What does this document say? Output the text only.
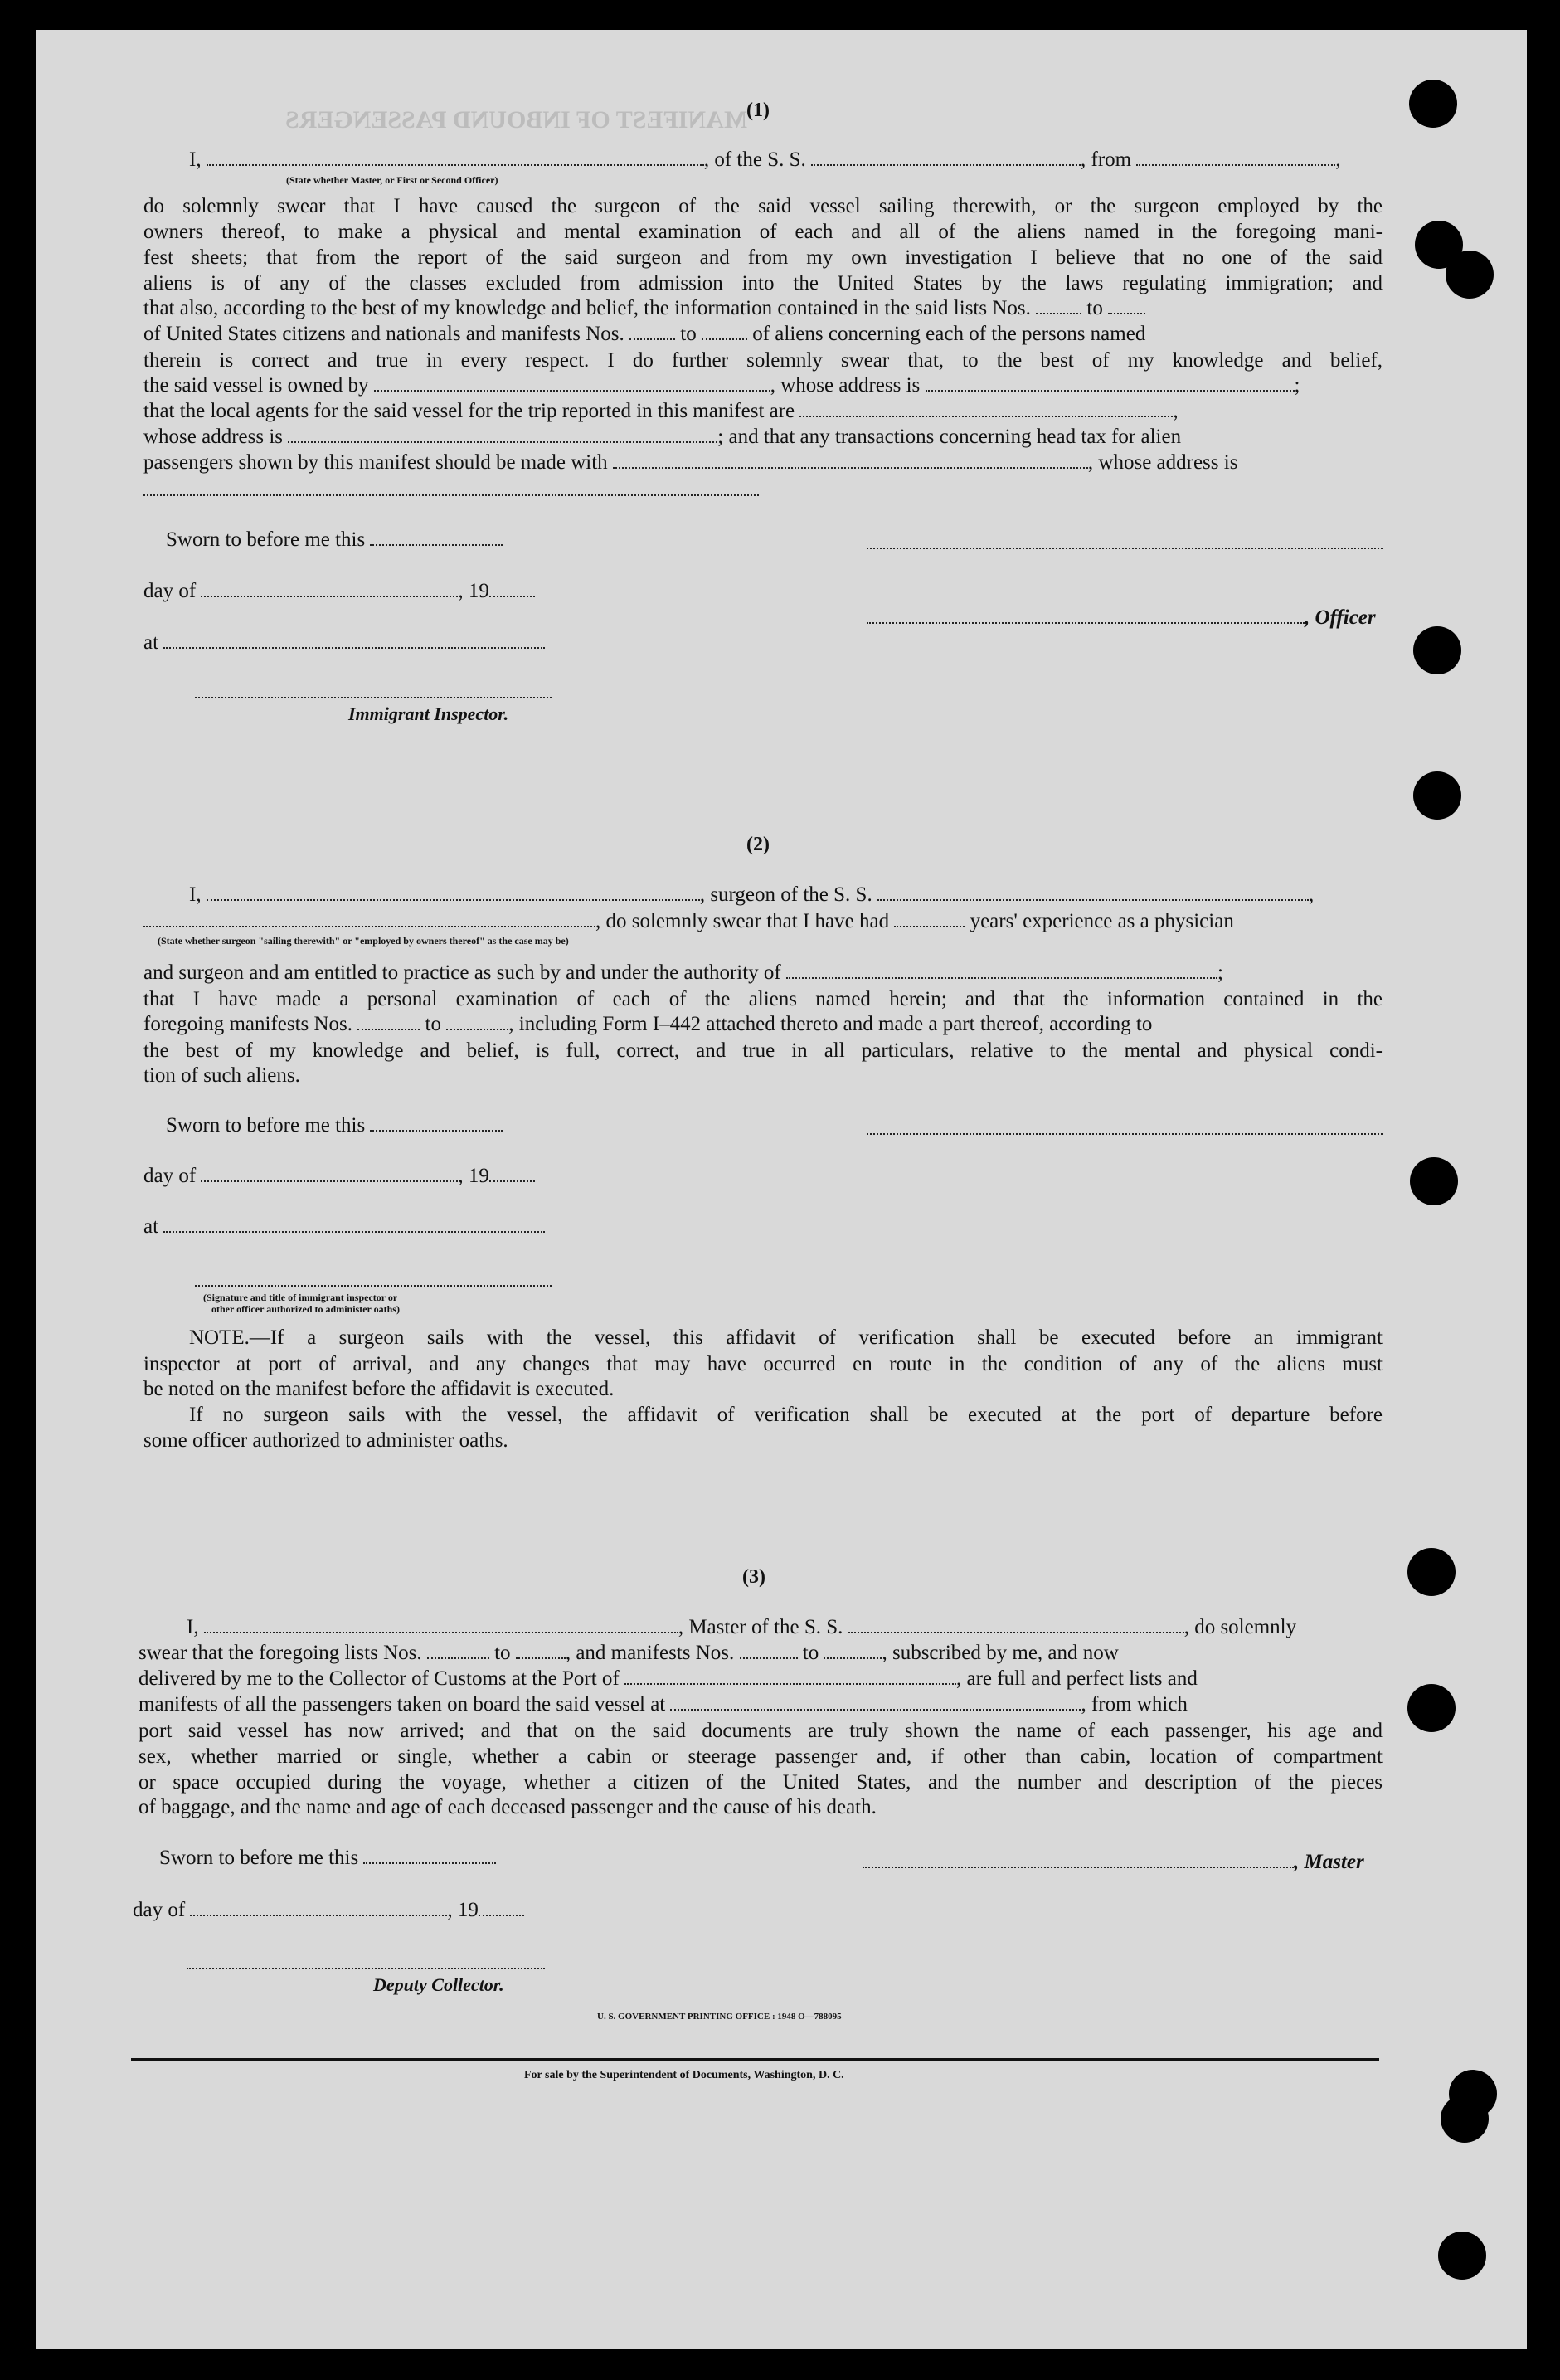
MANIFEST OF INBOUND PASSENGERS
(1)
I,	, of the S. S.	, from	,
(State whether Master, or First or Second Officer)
do solemnly swear that I have caused the surgeon of the said vessel sailing therewith, or the surgeon employed by the
owners thereof, to make a physical and mental examination of each and all of the aliens named in the foregoing mani-
fest sheets; that from the report of the said surgeon and from my own investigation I believe that no one of the said
aliens is of any of the classes excluded from admission into the United States by the laws regulating immigration; and
that also, according to the best of my knowledge and belief, the information contained in the said lists Nos.	to
of United States citizens and nationals and manifests Nos.	to	of aliens concerning each of the persons named
therein is correct and true in every respect. I do further solemnly swear that, to the best of my knowledge and belief,
the said vessel is owned by	, whose address is	;
that the local agents for the said vessel for the trip reported in this manifest are	,
whose address is	; and that any transactions concerning head tax for alien
passengers shown by this manifest should be made with	, whose address is
Sworn to before me this
day of	, 19
, Officer
at
Immigrant Inspector.
(2)
I,	, surgeon of the S. S.	,
, do solemnly swear that I have had	years' experience as a physician
(State whether surgeon "sailing therewith" or "employed by owners thereof" as the case may be)
and surgeon and am entitled to practice as such by and under the authority of	;
that I have made a personal examination of each of the aliens named herein; and that the information contained in the
foregoing manifests Nos.	to	, including Form I–442 attached thereto and made a part thereof, according to
the best of my knowledge and belief, is full, correct, and true in all particulars, relative to the mental and physical condi-
tion of such aliens.
Sworn to before me this
day of	, 19
at
(Signature and title of immigrant inspector or
other officer authorized to administer oaths)
NOTE.—If a surgeon sails with the vessel, this affidavit of verification shall be executed before an immigrant
inspector at port of arrival, and any changes that may have occurred en route in the condition of any of the aliens must
be noted on the manifest before the affidavit is executed.
If no surgeon sails with the vessel, the affidavit of verification shall be executed at the port of departure before
some officer authorized to administer oaths.
(3)
I,	, Master of the S. S.	, do solemnly
swear that the foregoing lists Nos.	to	, and manifests Nos.	to	, subscribed by me, and now
delivered by me to the Collector of Customs at the Port of	, are full and perfect lists and
manifests of all the passengers taken on board the said vessel at	, from which
port said vessel has now arrived; and that on the said documents are truly shown the name of each passenger, his age and
sex, whether married or single, whether a cabin or steerage passenger and, if other than cabin, location of compartment
or space occupied during the voyage, whether a citizen of the United States, and the number and description of the pieces
of baggage, and the name and age of each deceased passenger and the cause of his death.
Sworn to before me this	, Master
day of	, 19
Deputy Collector.
U. S. GOVERNMENT PRINTING OFFICE : 1948 O—788095
For sale by the Superintendent of Documents, Washington, D. C.
